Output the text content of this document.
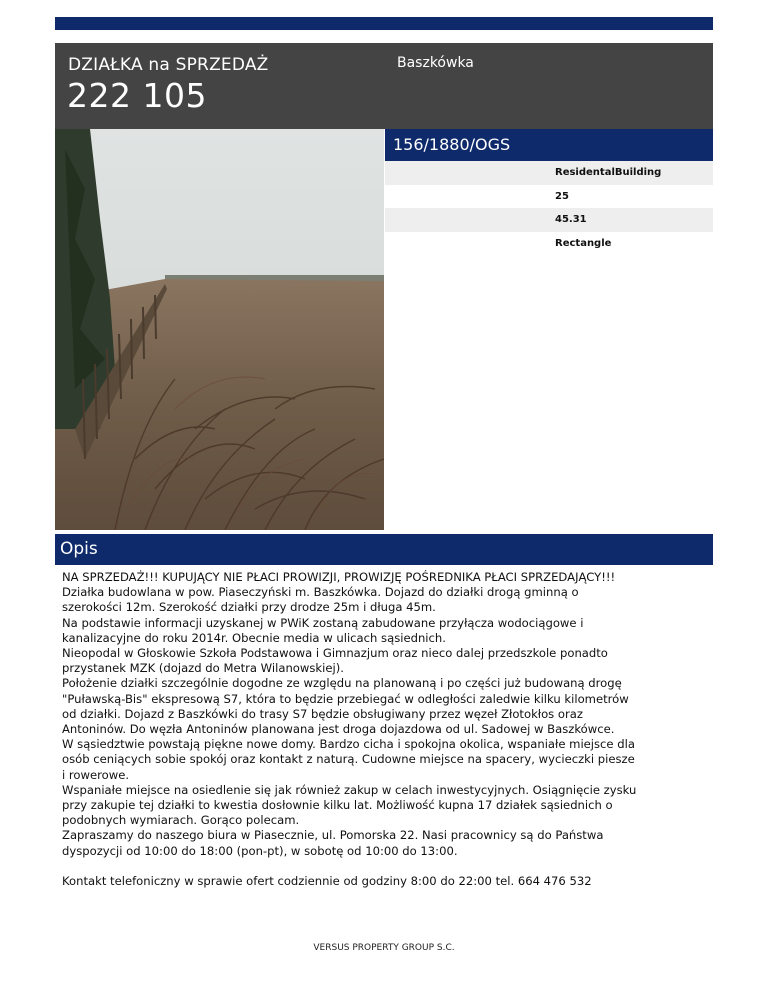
DZIAŁKA na SPRZEDAŻ
222 105
Baszkówka
156/1880/OGS
ResidentalBuilding
25
45.31
Rectangle
Opis
NA SPRZEDAŻ!!! KUPUJĄCY NIE PŁACI PROWIZJI, PROWIZJĘ POŚREDNIKA PŁACI SPRZEDAJĄCY!!!
Działka budowlana w pow. Piaseczyński m. Baszkówka. Dojazd do działki drogą gminną o
szerokości 12m. Szerokość działki przy drodze 25m i długa 45m.
Na podstawie informacji uzyskanej w PWiK zostaną zabudowane przyłącza wodociągowe i
kanalizacyjne do roku 2014r. Obecnie media w ulicach sąsiednich.
Nieopodal w Głoskowie Szkoła Podstawowa i Gimnazjum oraz nieco dalej przedszkole ponadto
przystanek MZK (dojazd do Metra Wilanowskiej).
Położenie działki szczególnie dogodne ze względu na planowaną i po części już budowaną drogę
"Puławską-Bis" ekspresową S7, która to będzie przebiegać w odległości zaledwie kilku kilometrów
od działki. Dojazd z Baszkówki do trasy S7 będzie obsługiwany przez węzeł Złotokłos oraz
Antoninów. Do węzła Antoninów planowana jest droga dojazdowa od ul. Sadowej w Baszkówce.
W sąsiedztwie powstają piękne nowe domy. Bardzo cicha i spokojna okolica, wspaniałe miejsce dla
osób ceniących sobie spokój oraz kontakt z naturą. Cudowne miejsce na spacery, wycieczki piesze
i rowerowe.
Wspaniałe miejsce na osiedlenie się jak również zakup w celach inwestycyjnych. Osiągnięcie zysku
przy zakupie tej działki to kwestia dosłownie kilku lat. Możliwość kupna 17 działek sąsiednich o
podobnych wymiarach. Gorąco polecam.
Zapraszamy do naszego biura w Piasecznie, ul. Pomorska 22. Nasi pracownicy są do Państwa
dyspozycji od 10:00 do 18:00 (pon-pt), w sobotę od 10:00 do 13:00.
Kontakt telefoniczny w sprawie ofert codziennie od godziny 8:00 do 22:00 tel. 664 476 532
VERSUS PROPERTY GROUP S.C.
